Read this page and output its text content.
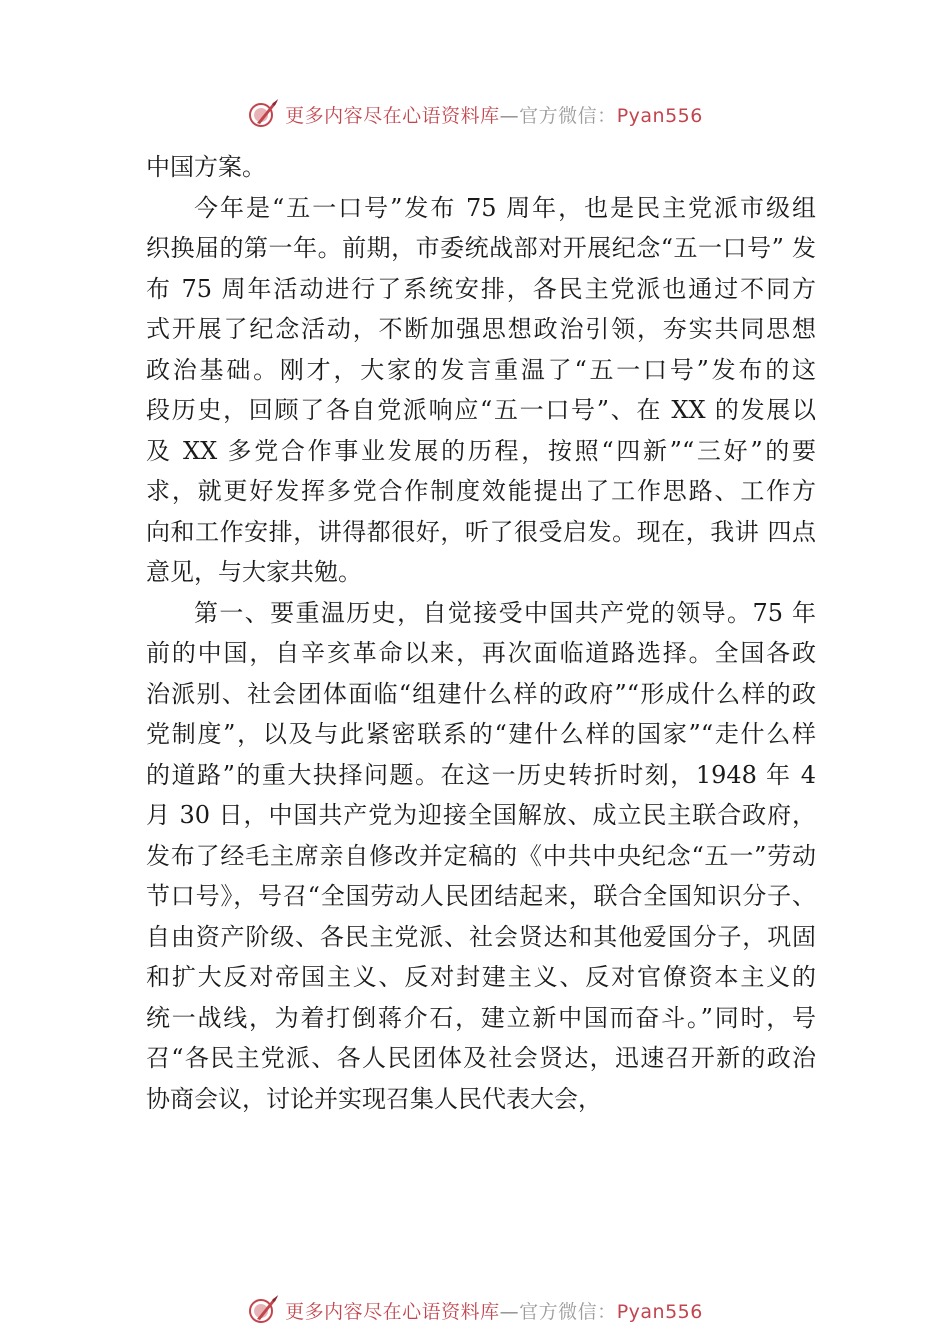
更多内容尽在心语资料库—官方微信：Pyan556
中国方案。
今年是“五一口号”发布 75 周年，也是民主党派市级组
织换届的第一年。前期，市委统战部对开展纪念“五一口号” 发
布 75 周年活动进行了系统安排，各民主党派也通过不同方
式开展了纪念活动，不断加强思想政治引领，夯实共同思想
政治基础。刚才，大家的发言重温了“五一口号”发布的这
段历史，回顾了各自党派响应“五一口号”、在 XX 的发展以
及 XX 多党合作事业发展的历程，按照“四新”“三好”的要
求，就更好发挥多党合作制度效能提出了工作思路、工作方
向和工作安排，讲得都很好，听了很受启发。现在，我讲 四点
意见，与大家共勉。
第一、要重温历史，自觉接受中国共产党的领导。75 年
前的中国，自辛亥革命以来，再次面临道路选择。全国各政
治派别、社会团体面临“组建什么样的政府”“形成什么样的政
党制度”，以及与此紧密联系的“建什么样的国家”“走什么样
的道路”的重大抉择问题。在这一历史转折时刻，1948 年 4
月 30 日，中国共产党为迎接全国解放、成立民主联合政府，
发布了经毛主席亲自修改并定稿的《中共中央纪念“五一”劳动
节口号》，号召“全国劳动人民团结起来，联合全国知识分子、
自由资产阶级、各民主党派、社会贤达和其他爱国分子，巩固
和扩大反对帝国主义、反对封建主义、反对官僚资本主义的
统一战线，为着打倒蒋介石，建立新中国而奋斗。”同时，号
召“各民主党派、各人民团体及社会贤达，迅速召开新的政治
协商会议，讨论并实现召集人民代表大会，
更多内容尽在心语资料库—官方微信：Pyan556
